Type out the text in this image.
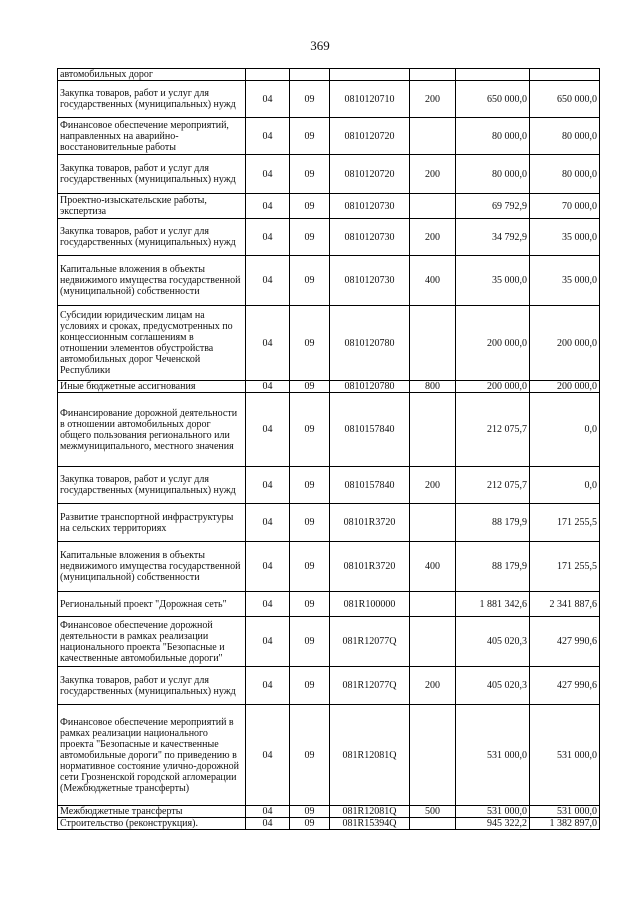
369
автомобильных дорог						
Закупка товаров, работ и услуг для государственных (муниципальных) нужд	04	09	0810120710	200	650 000,0	650 000,0
Финансовое обеспечение мероприятий, направленных на аварийно-восстановительные работы	04	09	0810120720		80 000,0	80 000,0
Закупка товаров, работ и услуг для государственных (муниципальных) нужд	04	09	0810120720	200	80 000,0	80 000,0
Проектно-изыскательские работы, экспертиза	04	09	0810120730		69 792,9	70 000,0
Закупка товаров, работ и услуг для государственных (муниципальных) нужд	04	09	0810120730	200	34 792,9	35 000,0
Капитальные вложения в объекты недвижимого имущества государственной (муниципальной) собственности	04	09	0810120730	400	35 000,0	35 000,0
Субсидии юридическим лицам на условиях и сроках, предусмотренных по концессионным соглашениям в отношении элементов обустройства автомобильных дорог Чеченской Республики	04	09	0810120780		200 000,0	200 000,0
Иные бюджетные ассигнования	04	09	0810120780	800	200 000,0	200 000,0
Финансирование дорожной деятельности в отношении автомобильных дорог общего пользования регионального или межмуниципального, местного значения	04	09	0810157840		212 075,7	0,0
Закупка товаров, работ и услуг для государственных (муниципальных) нужд	04	09	0810157840	200	212 075,7	0,0
Развитие транспортной инфраструктуры на сельских территориях	04	09	08101R3720		88 179,9	171 255,5
Капитальные вложения в объекты недвижимого имущества государственной (муниципальной) собственности	04	09	08101R3720	400	88 179,9	171 255,5
Региональный проект "Дорожная сеть"	04	09	081R100000		1 881 342,6	2 341 887,6
Финансовое обеспечение дорожной деятельности в рамках реализации национального проекта "Безопасные и качественные автомобильные дороги"	04	09	081R12077Q		405 020,3	427 990,6
Закупка товаров, работ и услуг для государственных (муниципальных) нужд	04	09	081R12077Q	200	405 020,3	427 990,6
Финансовое обеспечение мероприятий в рамках реализации национального проекта "Безопасные и качественные автомобильные дороги" по приведению в нормативное состояние улично-дорожной сети Грозненской городской агломерации (Межбюджетные трансферты)	04	09	081R12081Q		531 000,0	531 000,0
Межбюджетные трансферты	04	09	081R12081Q	500	531 000,0	531 000,0
Строительство (реконструкция).	04	09	081R15394Q		945 322,2	1 382 897,0
